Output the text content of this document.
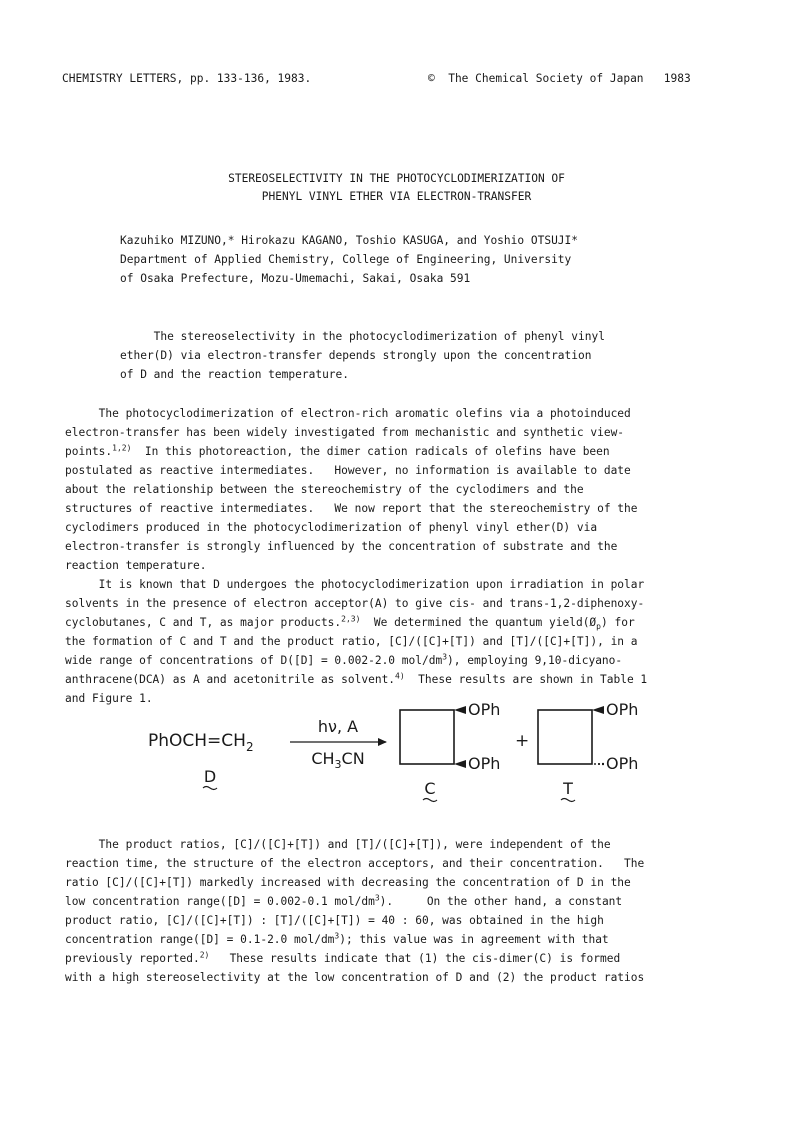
CHEMISTRY LETTERS, pp. 133-136, 1983.	©  The Chemical Society of Japan   1983
STEREOSELECTIVITY IN THE PHOTOCYCLODIMERIZATION OF
PHENYL VINYL ETHER VIA ELECTRON-TRANSFER
Kazuhiko MIZUNO,* Hirokazu KAGANO, Toshio KASUGA, and Yoshio OTSUJI*
Department of Applied Chemistry, College of Engineering, University
of Osaka Prefecture, Mozu-Umemachi, Sakai, Osaka 591
The stereoselectivity in the photocyclodimerization of phenyl vinyl
ether(D) via electron-transfer depends strongly upon the concentration
of D and the reaction temperature.
The photocyclodimerization of electron-rich aromatic olefins via a photoinduced
electron-transfer has been widely investigated from mechanistic and synthetic view-
points.$^{1,2)}$  In this photoreaction, the dimer cation radicals of olefins have been
postulated as reactive intermediates.   However, no information is available to date
about the relationship between the stereochemistry of the cyclodimers and the
structures of reactive intermediates.   We now report that the stereochemistry of the
cyclodimers produced in the photocyclodimerization of phenyl vinyl ether(D) via
electron-transfer is strongly influenced by the concentration of substrate and the
reaction temperature.
It is known that D undergoes the photocyclodimerization upon irradiation in polar
solvents in the presence of electron acceptor(A) to give cis- and trans-1,2-diphenoxy-
cyclobutanes, C and T, as major products.$^{2,3)}$  We determined the quantum $yield(Ø_p)$ for
the formation of C and T and the product ratio, [C]/([C]+[T]) and [T]/([C]+[T]), in a
wide range of concentrations of D([D] = 0.002-2.0 mol/$dm^3$), employing 9,10-dicyano-
anthracene(DCA) as A and acetonitrile as solvent.$^{4)}$  These results are shown in Table 1
and Figure 1.
$PhOCH=CH_2$
D
hν, A
$CH_3CN$
OPh
OPh
C
+
OPh
OPh
T
The product ratios, [C]/([C]+[T]) and [T]/([C]+[T]), were independent of the
reaction time, the structure of the electron acceptors, and their concentration.   The
ratio [C]/([C]+[T]) markedly increased with decreasing the concentration of D in the
low concentration range([D] = 0.002-0.1 mol/$dm^3$).     On the other hand, a constant
product ratio, [C]/([C]+[T]) : [T]/([C]+[T]) = 40 : 60, was obtained in the high
concentration range([D] = 0.1-2.0 mol/$dm^3$); this value was in agreement with that
previously reported.$^{2)}$   These results indicate that (1) the cis-dimer(C) is formed
with a high stereoselectivity at the low concentration of D and (2) the product ratios
